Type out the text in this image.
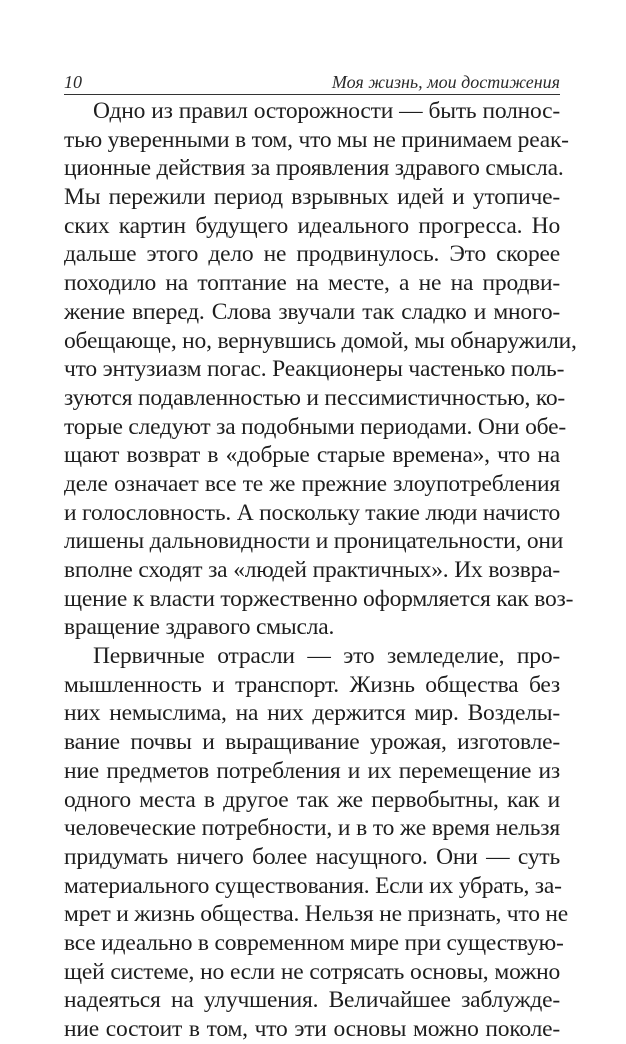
10	Моя жизнь, мои достижения
Одно из правил осторожности — быть полнос-
тью уверенными в том, что мы не принимаем реак-
ционные действия за проявления здравого смысла.
Мы пережили период взрывных идей и утопиче-
ских картин будущего идеального прогресса. Но
дальше этого дело не продвинулось. Это скорее
походило на топтание на месте, а не на продви-
жение вперед. Слова звучали так сладко и много-
обещающе, но, вернувшись домой, мы обнаружили,
что энтузиазм погас. Реакционеры частенько поль-
зуются подавленностью и пессимистичностью, ко-
торые следуют за подобными периодами. Они обе-
щают возврат в «добрые старые времена», что на
деле означает все те же прежние злоупотребления
и голословность. А поскольку такие люди начисто
лишены дальновидности и проницательности, они
вполне сходят за «людей практичных». Их возвра-
щение к власти торжественно оформляется как воз-
вращение здравого смысла.
Первичные отрасли — это земледелие, про-
мышленность и транспорт. Жизнь общества без
них немыслима, на них держится мир. Возделы-
вание почвы и выращивание урожая, изготовле-
ние предметов потребления и их перемещение из
одного места в другое так же первобытны, как и
человеческие потребности, и в то же время нельзя
придумать ничего более насущного. Они — суть
материального существования. Если их убрать, за-
мрет и жизнь общества. Нельзя не признать, что не
все идеально в современном мире при существую-
щей системе, но если не сотрясать основы, можно
надеяться на улучшения. Величайшее заблужде-
ние состоит в том, что эти основы можно поколе-
